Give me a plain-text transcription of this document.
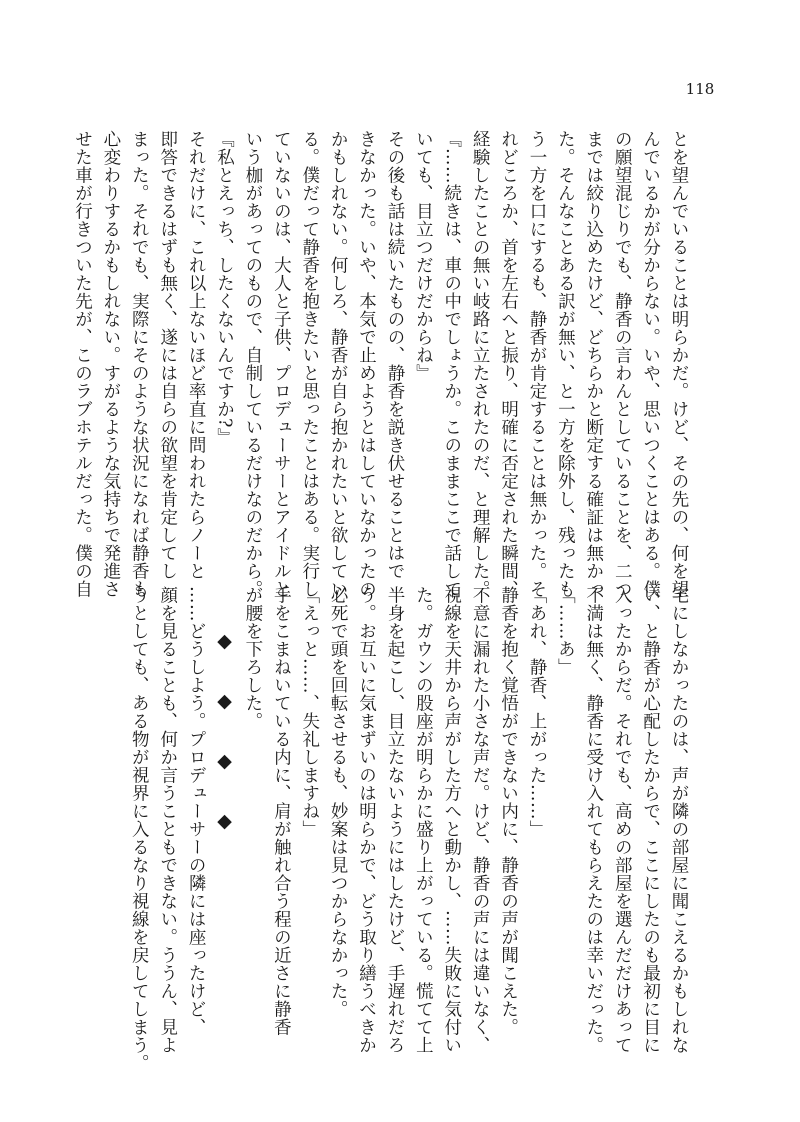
118
とを望んでいることは明らかだ。けど、その先の、何を望
んでいるかが分からない。いや、思いつくことはある。僕
の願望混じりでも、静香の言わんとしていることを、二つ
までは絞り込めたけど、どちらかと断定する確証は無かっ
た。そんなことある訳が無い、と一方を除外し、残ったも
う一方を口にするも、静香が肯定することは無かった。そ
れどころか、首を左右へと振り、明確に否定された瞬間、
経験したことの無い岐路に立たされたのだ、と理解した。
『……続きは、車の中でしょうか。このままここで話して
いても、目立つだけだからね』
その後も話は続いたものの、静香を説き伏せることはで
きなかった。いや、本気で止めようとはしていなかったの
かもしれない。何しろ、静香が自ら抱かれたいと欲してい
る。僕だって静香を抱きたいと思ったことはある。実行し
ていないのは、大人と子供、プロデューサーとアイドルと
いう枷があってのもので、自制しているだけなのだから。
『私とえっち、したくないんですか?』
それだけに、これ以上ないほど率直に問われたらノーと
即答できるはずも無く、遂には自らの欲望を肯定してし
まった。それでも、実際にそのような状況になれば静香も
心変わりするかもしれない。すがるような気持ちで発進さ
せた車が行きついた先が、このラブホテルだった。僕の自
宅にしなかったのは、声が隣の部屋に聞こえるかもしれな
い、と静香が心配したからで、ここにしたのも最初に目に
入ったからだ。それでも、高めの部屋を選んだだけあって
不満は無く、静香に受け入れてもらえたのは幸いだった。
「……あ」
「あれ、静香、上がった……」
静香を抱く覚悟ができない内に、静香の声が聞こえた。
不意に漏れた小さな声だ。けど、静香の声には違いなく、
視線を天井から声がした方へと動かし、……失敗に気付い
た。ガウンの股座が明らかに盛り上がっている。慌てて上
半身を起こし、目立たないようにはしたけど、手遅れだろ
う。お互いに気まずいのは明らかで、どう取り繕うべきか
必死で頭を回転させるも、妙案は見つからなかった。
「えっと……、失礼しますね」
手をこまねいている内に、肩が触れ合う程の近さに静香
が腰を下ろした。
◆◆◆◆
……どうしよう。プロデューサーの隣には座ったけど、
顔を見ることも、何か言うこともできない。ううん、見よ
うとしても、ある物が視界に入るなり視線を戻してしまう。
